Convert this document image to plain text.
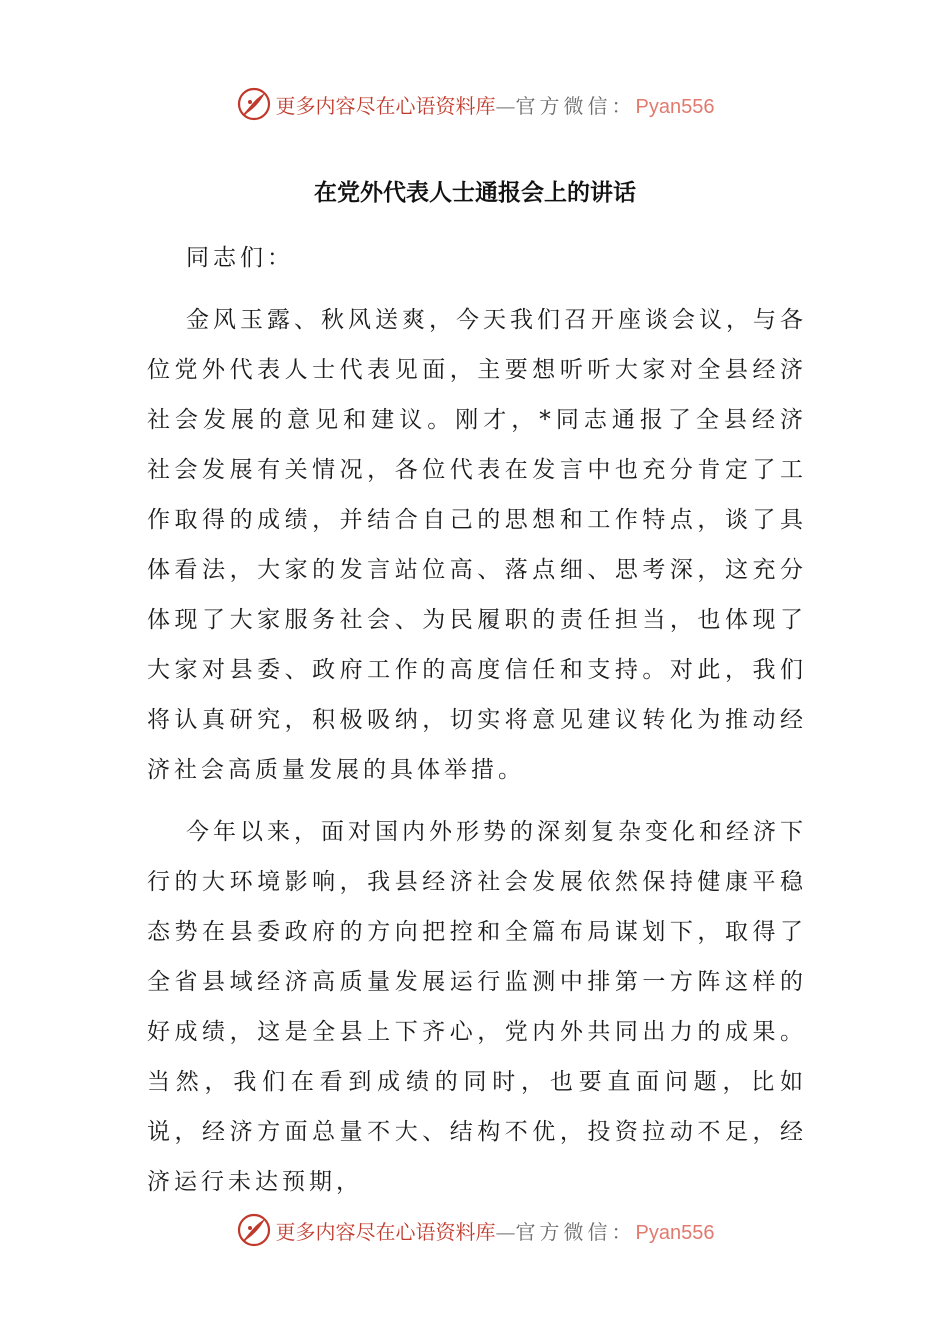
更多内容尽在心语资料库—官方微信：Pyan556
在党外代表人士通报会上的讲话

同志们：

金风玉露、秋风送爽，今天我们召开座谈会议，与各位党外代表人士代表见面，主要想听听大家对全县经济社会发展的意见和建议。刚才，*同志通报了全县经济社会发展有关情况，各位代表在发言中也充分肯定了工作取得的成绩，并结合自己的思想和工作特点，谈了具体看法，大家的发言站位高、落点细、思考深，这充分体现了大家服务社会、为民履职的责任担当，也体现了大家对县委、政府工作的高度信任和支持。对此，我们将认真研究，积极吸纳，切实将意见建议转化为推动经济社会高质量发展的具体举措。

今年以来，面对国内外形势的深刻复杂变化和经济下行的大环境影响，我县经济社会发展依然保持健康平稳态势在县委政府的方向把控和全篇布局谋划下，取得了全省县域经济高质量发展运行监测中排第一方阵这样的好成绩，这是全县上下齐心，党内外共同出力的成果。当然，我们在看到成绩的同时，也要直面问题，比如说，经济方面总量不大、结构不优，投资拉动不足，经济运行未达预期，

更多内容尽在心语资料库—官方微信：Pyan556
